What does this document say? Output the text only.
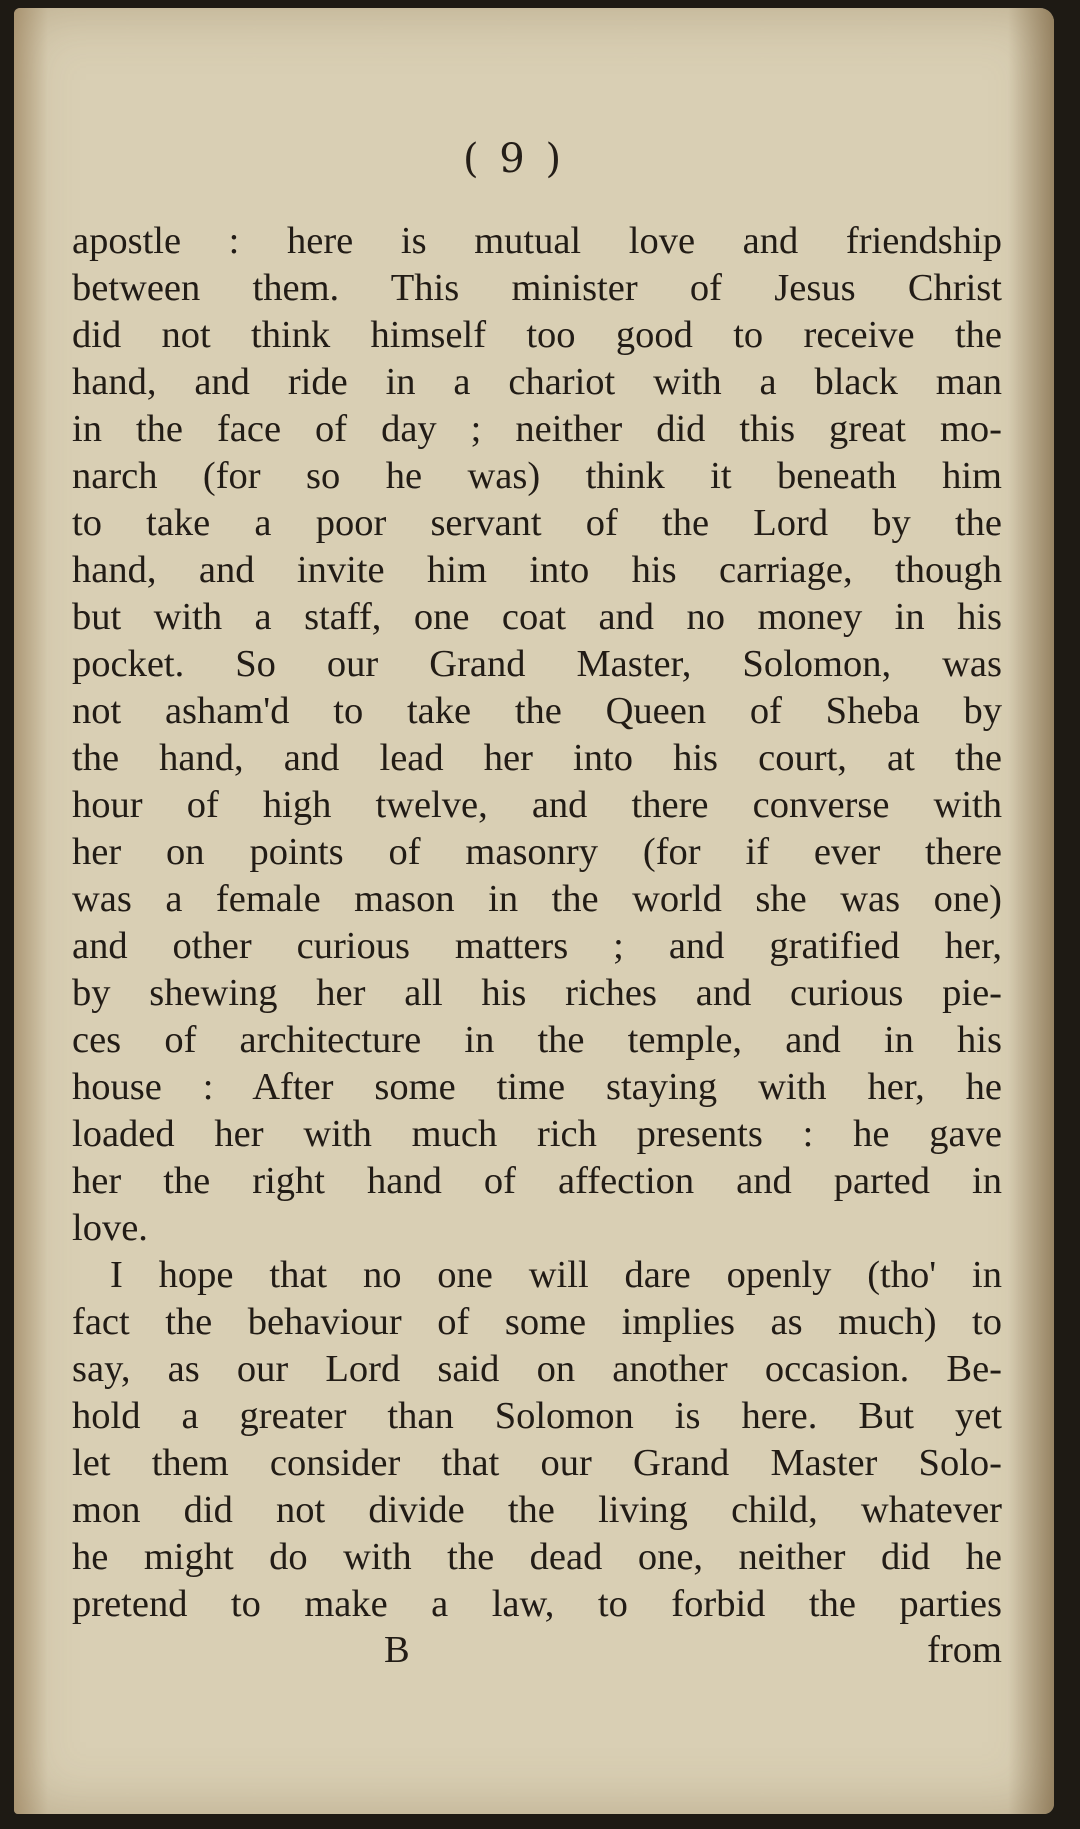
( 9 )
apostle : here is mutual love and friendship
between them. This minister of Jesus Christ
did not think himself too good to receive the
hand, and ride in a chariot with a black man
in the face of day ; neither did this great mo-
narch (for so he was) think it beneath him
to take a poor servant of the Lord by the
hand, and invite him into his carriage, though
but with a staff, one coat and no money in his
pocket. So our Grand Master, Solomon, was
not asham'd to take the Queen of Sheba by
the hand, and lead her into his court, at the
hour of high twelve, and there converse with
her on points of masonry (for if ever there
was a female mason in the world she was one)
and other curious matters ; and gratified her,
by shewing her all his riches and curious pie-
ces of architecture in the temple, and in his
house : After some time staying with her, he
loaded her with much rich presents : he gave
her the right hand of affection and parted in
love.
I hope that no one will dare openly (tho' in
fact the behaviour of some implies as much) to
say, as our Lord said on another occasion. Be-
hold a greater than Solomon is here. But yet
let them consider that our Grand Master Solo-
mon did not divide the living child, whatever
he might do with the dead one, neither did he
pretend to make a law, to forbid the parties
B	from
